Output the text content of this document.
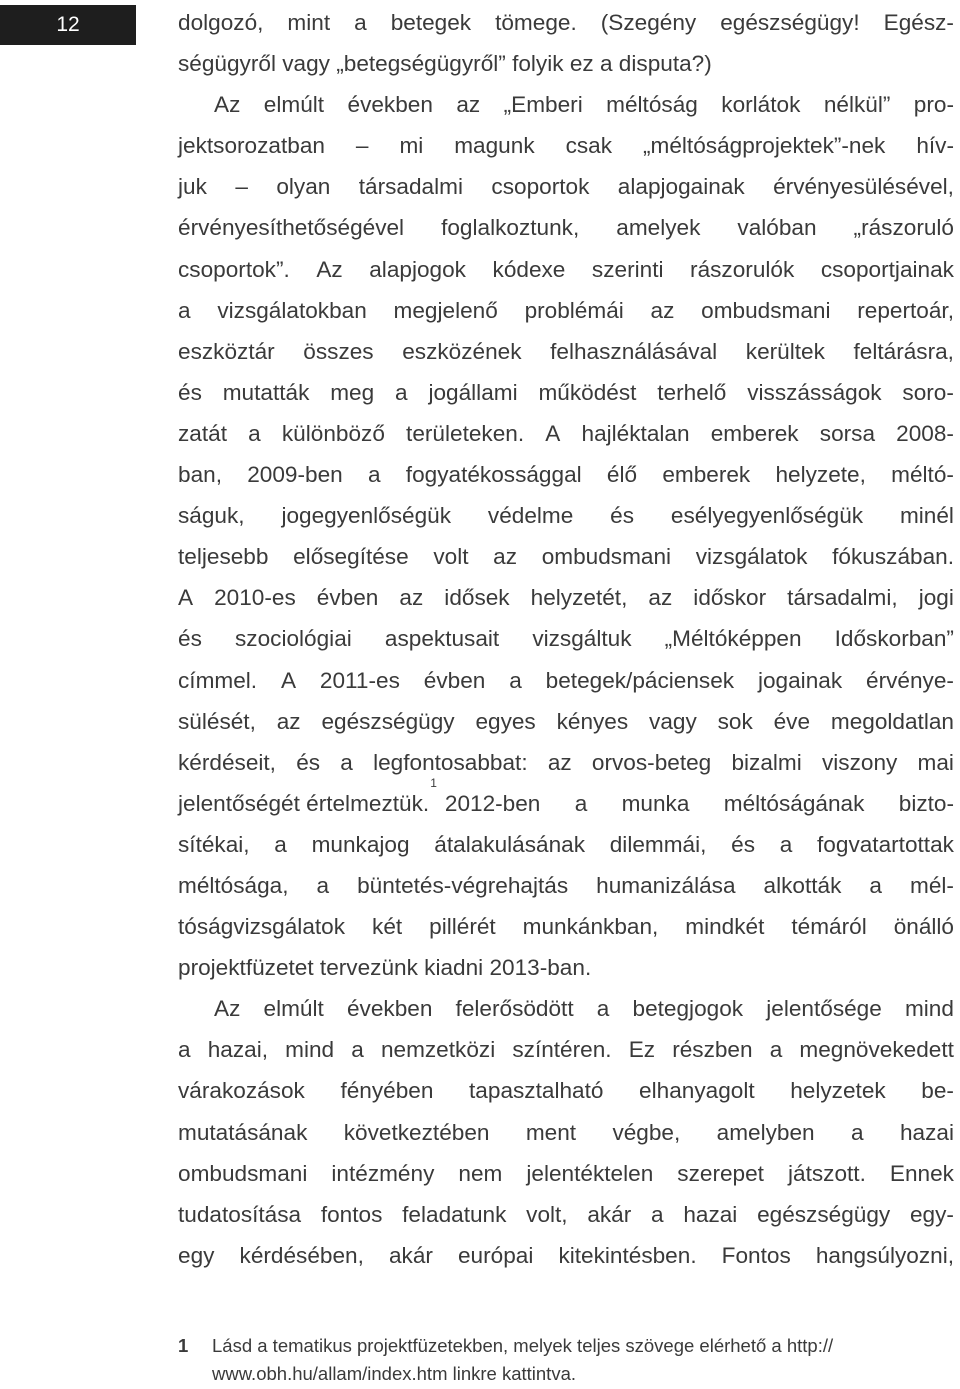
12	dolgozó, mint a betegek tömege. (Szegény egészségügy! Egész-
ségügyről vagy „betegségügyről” folyik ez a disputa?)
Az elmúlt években az „Emberi méltóság korlátok nélkül” pro-
jektsorozatban – mi magunk csak „méltóságprojektek”-nek hív-
juk – olyan társadalmi csoportok alapjogainak érvényesülésével,
érvényesíthetőségével foglalkoztunk, amelyek valóban „rászoruló
csoportok”. Az alapjogok kódexe szerinti rászorulók csoportjainak
a vizsgálatokban megjelenő problémái az ombudsmani repertoár,
eszköztár összes eszközének felhasználásával kerültek feltárásra,
és mutatták meg a jogállami működést terhelő visszásságok soro-
zatát a különböző területeken. A hajléktalan emberek sorsa 2008-
ban, 2009-ben a fogyatékossággal élő emberek helyzete, méltó-
ságuk, jogegyenlőségük védelme és esélyegyenlőségük minél
teljesebb elősegítése volt az ombudsmani vizsgálatok fókuszában.
A 2010-es évben az idősek helyzetét, az időskor társadalmi, jogi
és szociológiai aspektusait vizsgáltuk „Méltóképpen Időskorban”
címmel. A 2011-es évben a betegek/páciensek jogainak érvénye-
sülését, az egészségügy egyes kényes vagy sok éve megoldatlan
kérdéseit, és a legfontosabbat: az orvos-beteg bizalmi viszony mai
jelentőségét értelmeztük.
1
2012-ben a munka méltóságának bizto-
sítékai, a munkajog átalakulásának dilemmái, és a fogvatartottak
méltósága, a büntetés-végrehajtás humanizálása alkották a mél-
tóságvizsgálatok két pillérét munkánkban, mindkét témáról önálló
projektfüzetet tervezünk kiadni 2013-ban.
Az elmúlt években felerősödött a betegjogok jelentősége mind
a hazai, mind a nemzetközi színtéren. Ez részben a megnövekedett
várakozások fényében tapasztalható elhanyagolt helyzetek be-
mutatásának következtében ment végbe, amelyben a hazai
ombudsmani intézmény nem jelentéktelen szerepet játszott. Ennek
tudatosítása fontos feladatunk volt, akár a hazai egészségügy egy-
egy kérdésében, akár európai kitekintésben. Fontos hangsúlyozni,
1	Lásd a tematikus projektfüzetekben, melyek teljes szövege elérhető a http://
www.obh.hu/allam/index.htm linkre kattintva.
